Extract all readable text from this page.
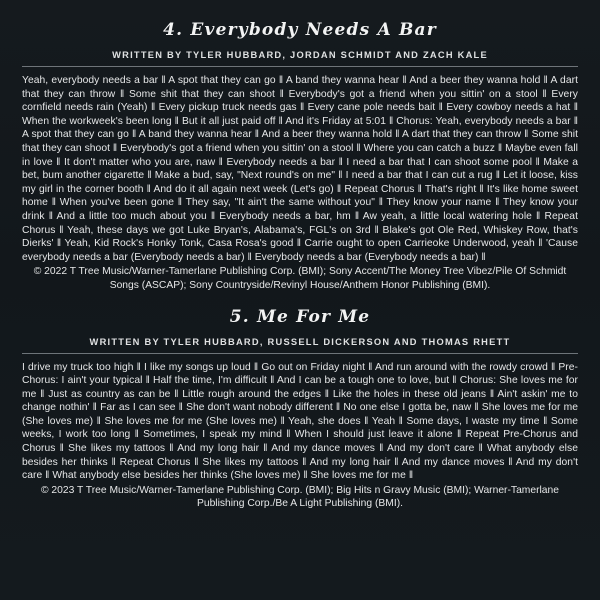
4. Everybody Needs A Bar
WRITTEN BY TYLER HUBBARD, JORDAN SCHMIDT AND ZACH KALE

Yeah, everybody needs a bar ‖ A spot that they can go ‖ A band they wanna hear ‖ And a beer they wanna hold ‖ A dart that they can throw ‖ Some shit that they can shoot ‖ Everybody's got a friend when you sittin' on a stool ‖ Every cornfield needs rain (Yeah) ‖ Every pickup truck needs gas ‖ Every cane pole needs bait ‖ Every cowboy needs a hat ‖ When the workweek's been long ‖ But it all just paid off ‖ And it's Friday at 5:01 ‖ Chorus: Yeah, everybody needs a bar ‖ A spot that they can go ‖ A band they wanna hear ‖ And a beer they wanna hold ‖ A dart that they can throw ‖ Some shit that they can shoot ‖ Everybody's got a friend when you sittin' on a stool ‖ Where you can catch a buzz ‖ Maybe even fall in love ‖ It don't matter who you are, naw ‖ Everybody needs a bar ‖ I need a bar that I can shoot some pool ‖ Make a bet, bum another cigarette ‖ Make a bud, say, "Next round's on me" ‖ I need a bar that I can cut a rug ‖ Let it loose, kiss my girl in the corner booth ‖ And do it all again next week (Let's go) ‖ Repeat Chorus ‖ That's right ‖ It's like home sweet home ‖ When you've been gone ‖ They say, "It ain't the same without you" ‖ They know your name ‖ They know your drink ‖ And a little too much about you ‖ Everybody needs a bar, hm ‖ Aw yeah, a little local watering hole ‖ Repeat Chorus ‖ Yeah, these days we got Luke Bryan's, Alabama's, FGL's on 3rd ‖ Blake's got Ole Red, Whiskey Row, that's Dierks' ‖ Yeah, Kid Rock's Honky Tonk, Casa Rosa's good ‖ Carrie ought to open Carrieoke Underwood, yeah ‖ 'Cause everybody needs a bar (Everybody needs a bar) ‖ Everybody needs a bar (Everybody needs a bar) ‖

© 2022 T Tree Music/Warner-Tamerlane Publishing Corp. (BMI); Sony Accent/The Money Tree Vibez/Pile Of Schmidt Songs (ASCAP); Sony Countryside/Revinyl House/Anthem Honor Publishing (BMI).

5. Me For Me
WRITTEN BY TYLER HUBBARD, RUSSELL DICKERSON AND THOMAS RHETT

I drive my truck too high ‖ I like my songs up loud ‖ Go out on Friday night ‖ And run around with the rowdy crowd ‖ Pre-Chorus: I ain't your typical ‖ Half the time, I'm difficult ‖ And I can be a tough one to love, but ‖ Chorus: She loves me for me ‖ Just as country as can be ‖ Little rough around the edges ‖ Like the holes in these old jeans ‖ Ain't askin' me to change nothin' ‖ Far as I can see ‖ She don't want nobody different ‖ No one else I gotta be, naw ‖ She loves me for me (She loves me) ‖ She loves me for me (She loves me) ‖ Yeah, she does ‖ Yeah ‖ Some days, I waste my time ‖ Some weeks, I work too long ‖ Sometimes, I speak my mind ‖ When I should just leave it alone ‖ Repeat Pre-Chorus and Chorus ‖ She likes my tattoos ‖ And my long hair ‖ And my dance moves ‖ And my don't care ‖ What anybody else besides her thinks ‖ Repeat Chorus ‖ She likes my tattoos ‖ And my long hair ‖ And my dance moves ‖ And my don't care ‖ What anybody else besides her thinks (She loves me) ‖ She loves me for me ‖

© 2023 T Tree Music/Warner-Tamerlane Publishing Corp. (BMI); Big Hits n Gravy Music (BMI); Warner-Tamerlane Publishing Corp./Be A Light Publishing (BMI).
